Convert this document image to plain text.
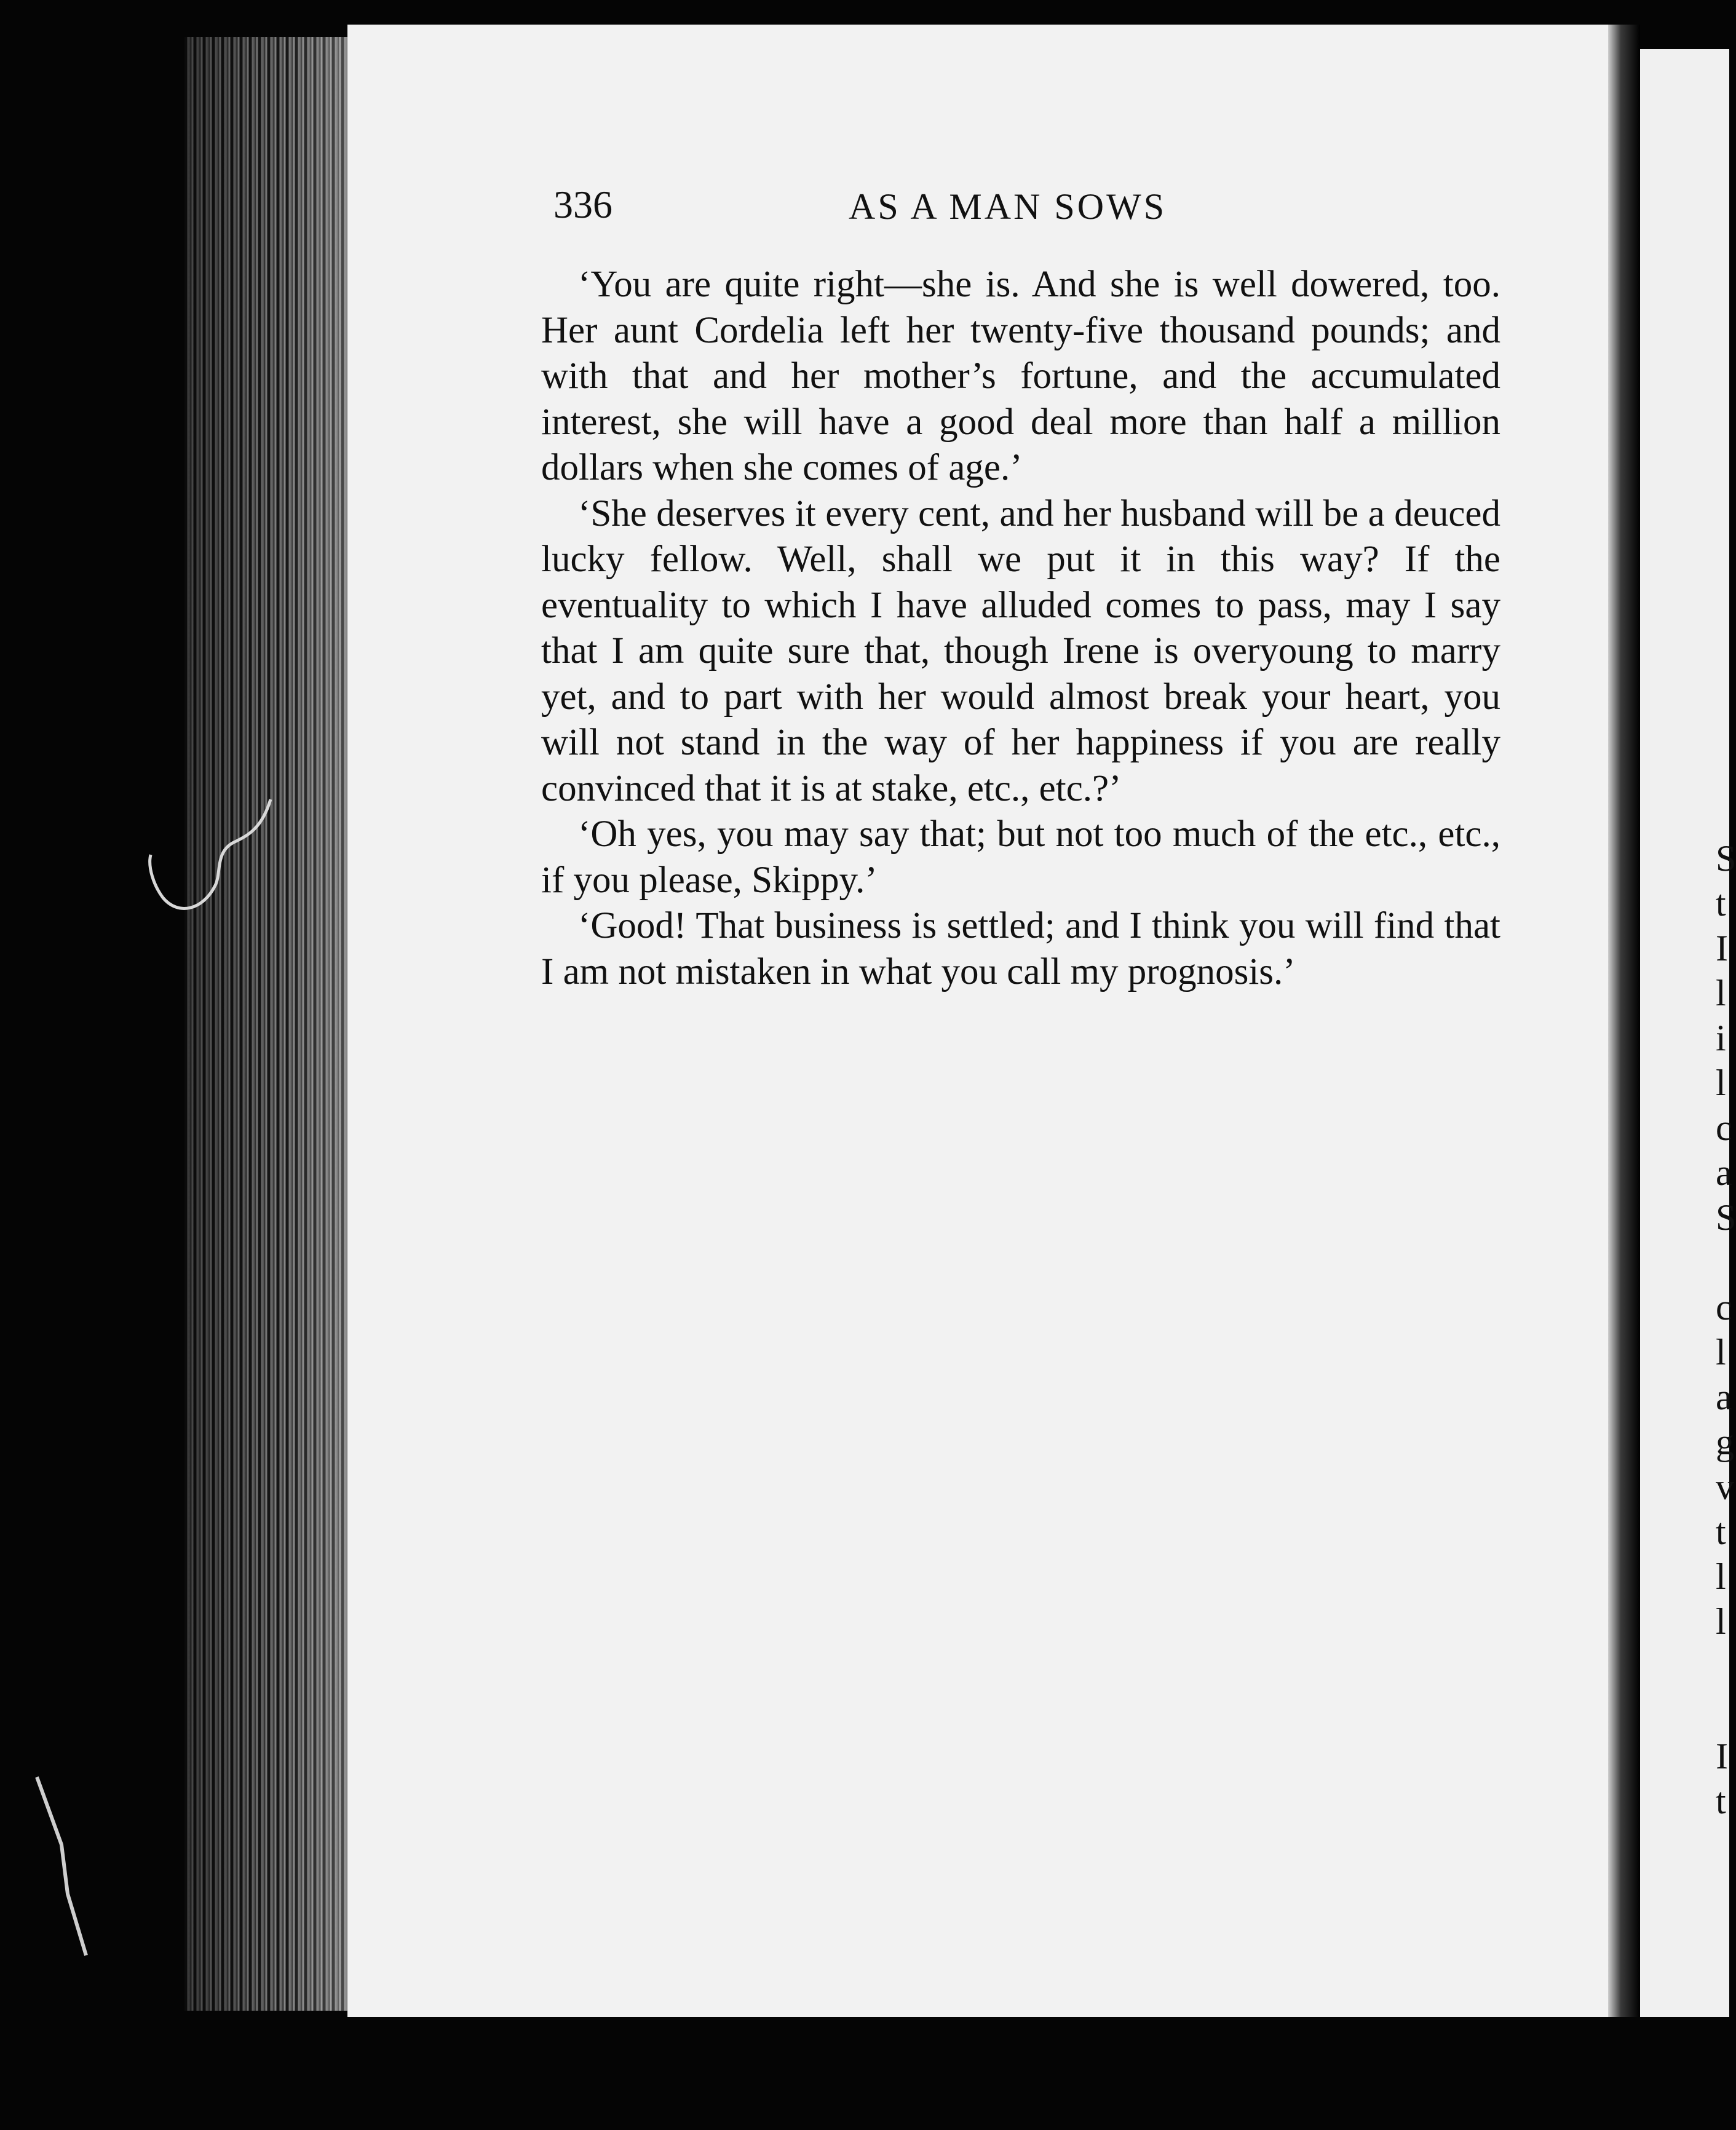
336	AS A MAN SOWS

‘You are quite right—she is. And she is well dowered, too. Her aunt Cordelia left her twenty-five thousand pounds; and with that and her mother’s fortune, and the accumulated interest, she will have a good deal more than half a million dollars when she comes of age.’

‘She deserves it every cent, and her husband will be a deuced lucky fellow. Well, shall we put it in this way? If the eventuality to which I have alluded comes to pass, may I say that I am quite sure that, though Irene is overyoung to marry yet, and to part with her would almost break your heart, you will not stand in the way of her happiness if you are really convinced that it is at stake, etc., etc.?’

‘Oh yes, you may say that; but not too much of the etc., etc., if you please, Skippy.’

‘Good! That business is settled; and I think you will find that I am not mistaken in what you call my prognosis.’

S
t
I
l
i
l
c
a
S

c
l
a
g
v
t
l
l

I
t
